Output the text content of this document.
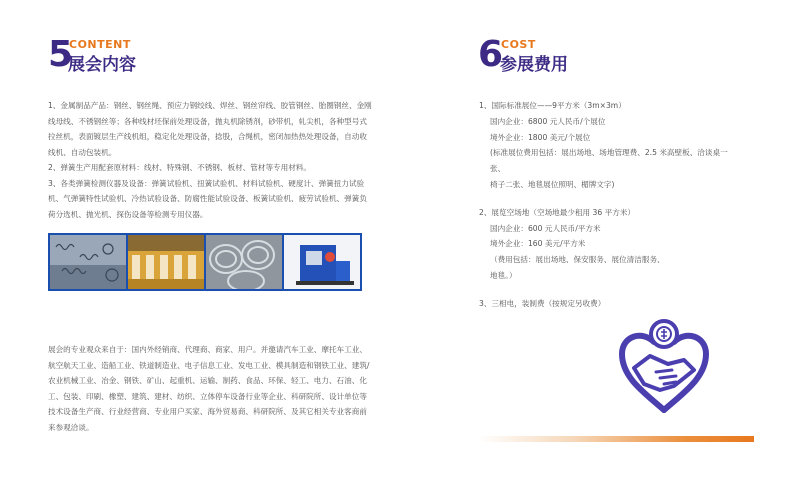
5
CONTENT
展会内容
1、金属制品产品：钢丝、钢丝绳、预应力钢绞线、焊丝、钢丝帘线、胶管钢丝、胎圈钢丝、金刚线母线、不锈钢丝等；各种线材坯保前处理设备，抛丸机除锈剂，砂带机，轧尖机，各种型号式拉丝机，表面镀层生产线机组，稳定化处理设备，捻股，合绳机，密闭加热热处理设备，自动收线机、自动包装机。
2、弹簧生产用配套原材料：线材、特殊钢、不锈钢、板材、管材等专用材料。
3、各类弹簧检测仪器及设备：弹簧试验机、扭簧试验机、材料试验机、硬度计、弹簧扭力试验机、气弹簧特性试验机、冷热试验设备、防腐性能试验设备、板簧试验机、疲劳试验机、弹簧负荷分选机、抛光机、探伤设备等检测专用仪器。
展会的专业观众来自于：国内外经销商、代理商、商家、用户。并邀请汽车工业、摩托车工业、航空航天工业、造船工业、铁道制造业、电子信息工业、发电工业、模具制造和钢铁工业、建筑/农业机械工业、冶金、钢铁、矿山、起重机、运输、制药、食品、环保、轻工、电力、石油、化工、包装、印刷、橡塑、建筑、建材、纺织、立体停车设备行业等企业、科研院所、设计单位等技术设备生产商、行业经营商、专业用户买家、海外贸易商、科研院所、及其它相关专业客商前来参观洽谈。
6
COST
参展费用
1、国际标准展位——9平方米（3m×3m）
国内企业：6800 元人民币/个展位
境外企业：1800 美元/个展位
(标准展位费用包括：展出场地、场地管理费、2.5 米高壁板、洽谈桌一张、
椅子二张、地毯展位照明、楣牌文字)
2、展览空场地（空场地最少租用 36 平方米）
国内企业：600 元人民币/平方米
境外企业：160 美元/平方米
（费用包括：展出场地、保安服务、展位清洁服务、
地毯。）
3、三相电，装制费（按规定另收费）
